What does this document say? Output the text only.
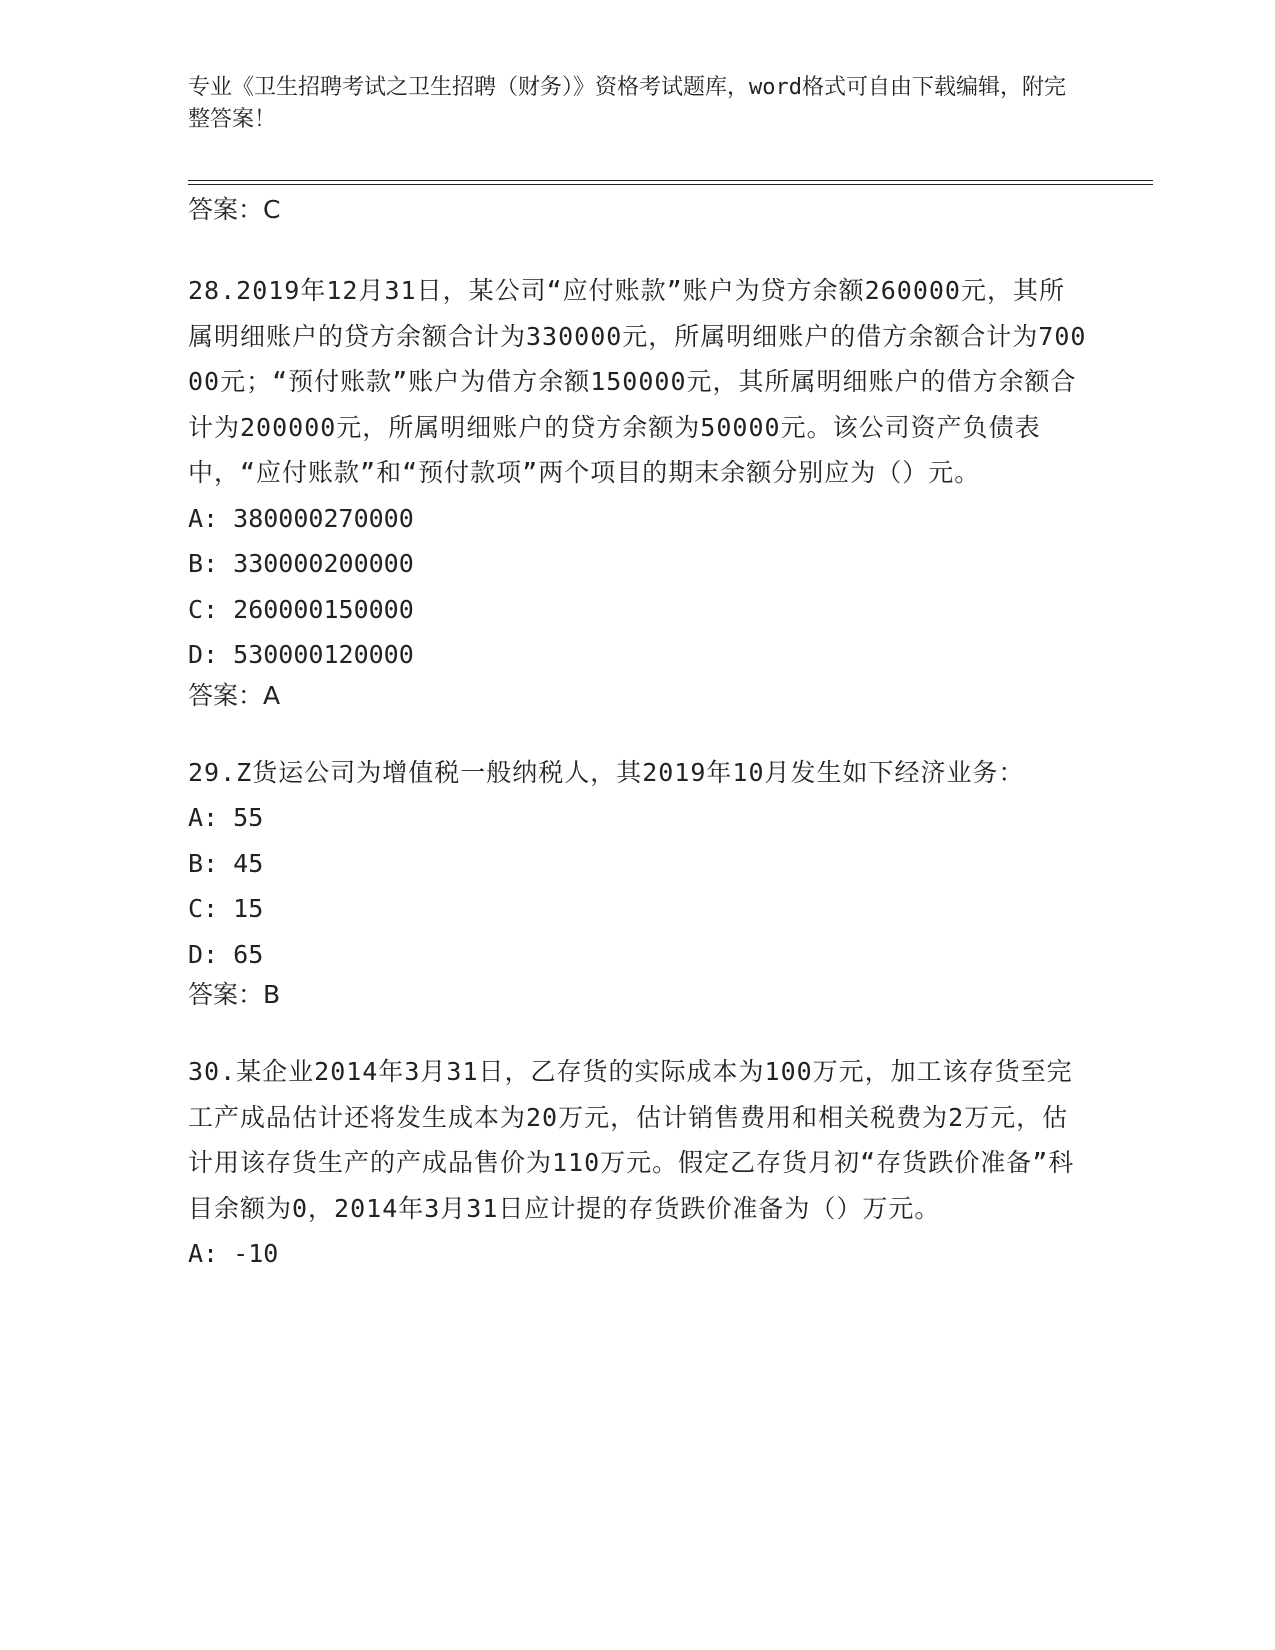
专业《卫生招聘考试之卫生招聘（财务）》资格考试题库，word格式可自由下载编辑，附完整答案！

答案：C

28.2019年12月31日，某公司“应付账款”账户为贷方余额260000元，其所属明细账户的贷方余额合计为330000元，所属明细账户的借方余额合计为70000元；“预付账款”账户为借方余额150000元，其所属明细账户的借方余额合计为200000元，所属明细账户的贷方余额为50000元。该公司资产负债表中，“应付账款”和“预付款项”两个项目的期末余额分别应为（）元。

A: 380000270000

B: 330000200000

C: 260000150000

D: 530000120000

答案：A

29.Z货运公司为增值税一般纳税人，其2019年10月发生如下经济业务：

A: 55

B: 45

C: 15

D: 65

答案：B

30.某企业2014年3月31日，乙存货的实际成本为100万元，加工该存货至完工产成品估计还将发生成本为20万元，估计销售费用和相关税费为2万元，估计用该存货生产的产成品售价为110万元。假定乙存货月初“存货跌价准备”科目余额为0，2014年3月31日应计提的存货跌价准备为（）万元。

A: -10
